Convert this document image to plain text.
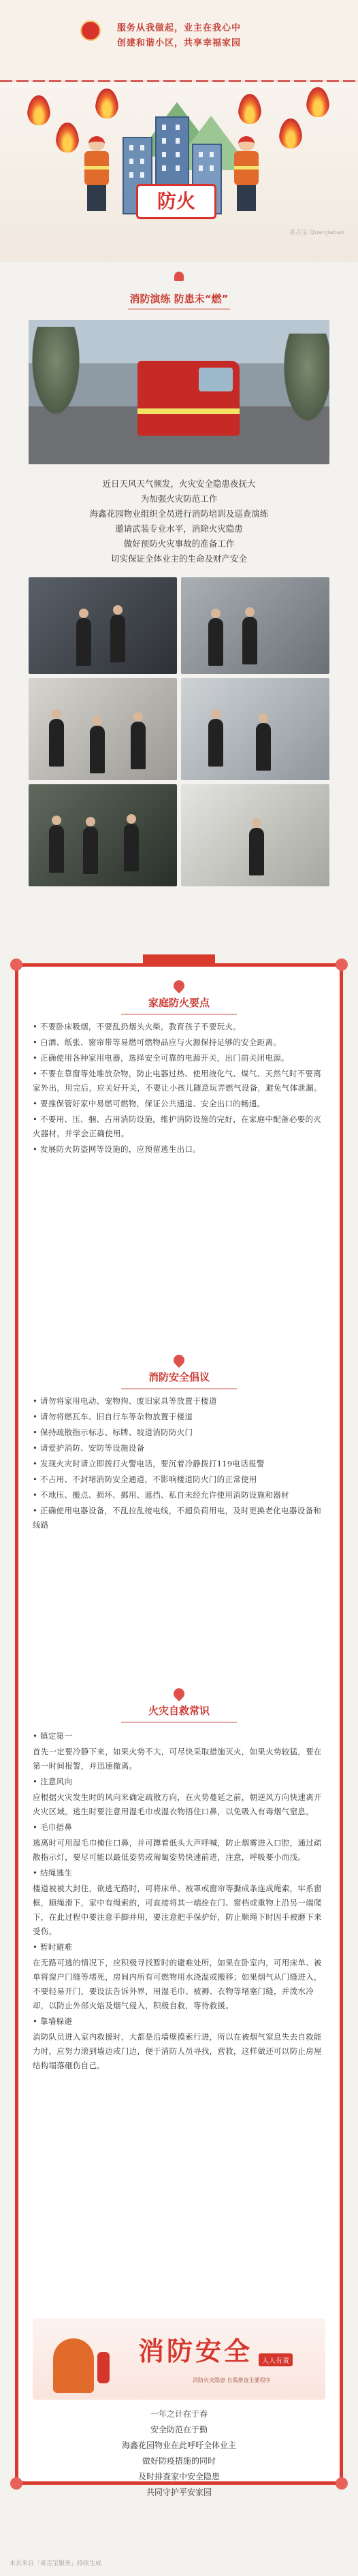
服务从我做起，业主在我心中
创建和谐小区，共享幸福家园
防火
喜吉宝 Quanjiabao
消防演练 防患未“燃”
近日天风天气频发，火灾安全隐患夜抚大
为加强火灾防范工作
海鑫花园物业组织全员进行消防培训及巡查演练
邀请武装专业水平，消除火灾隐患
做好预防火灾事故的准备工作
切实保证全体业主的生命及财产安全
家庭防火要点

• 不要卧床吸烟，不要乱扔烟头火柴，教育孩子不要玩火。

• 白酒、纸张、窗帘带等易燃可燃物品应与火源保持足够的安全距离。

• 正确使用各种家用电器，选择安全可靠的电源开关，出门前关闭电源。

• 不要在靠窗等处堆放杂物，防止电器过热、使用液化气、煤气、天然气时不要离家外出，用完后，应关好开关，不要让小孩儿随意玩弄燃气设备，避免气体泄漏。

• 要推保管好家中易燃可燃物，保证公共通道、安全出口的畅通。

• 不要用、压、捆、占用消防设施，维护消防设施的完好，在家庭中配备必要的灭火器材，并学会正确使用。

• 发展防火防盗网等设施的，应预留逃生出口。

消防安全倡议

• 请勿将家用电动、宠物狗、废旧家具等放置于楼道

• 请勿将燃瓦车、旧自行车等杂物放置于楼道

• 保持疏散指示标志、标牌、坡道消防防火门

• 请爱护消防、安防等设施设备

• 发现火灾时请立即拨打火警电话，要沉着冷静拨打119电话报警

• 不占用、不封堵消防安全通道，不影响楼道防火门的正常使用

• 不地压、搬点、损坏、挪用、遮挡、私自未经允许使用消防设施和器材

• 正确使用电器设备，不乱拉乱接电线，不超负荷用电，及时更换老化电器设备和线路

火灾自救常识

• 镇定第一

首先一定要冷静下来，如果火势不大，可尽快采取措施灭火，如果火势较猛，要在第一时间报警，并迅速撤离。

• 注意风向

应根据火灾发生时的风向来确定疏散方向，在火势蔓延之前，朝逆风方向快速离开火灾区域。逃生时要注意用湿毛巾或湿衣物捂住口鼻，以免吸入有毒烟气窒息。

• 毛巾捂鼻

逃离时可用湿毛巾掩住口鼻，并可蹲着低头大声呼喊，防止烟雾进入口腔，通过疏散指示灯，要尽可能以最低姿势或匍匐姿势快速前进，注意，呼吸要小而浅。

• 结绳逃生

楼道被被大封住，欲逃无路时，可将床单、被罩或窗帘等撕成条连成绳索，牢系窗框，顺绳滑下，家中有绳索的，可直接将其一端拴在门、窗档或重物上沿另一端爬下，在此过程中要注意手脚并用，要注意把手保护好，防止顺绳下时因手被磨下来受伤。

• 暂时避难

在无路可逃的情况下，应积极寻找暂时的避难处所，如果在卧室内，可用床单、被单将窗户门缝等堵死，房间内所有可燃物用水浇湿或搬移；如果烟气从门缝进入，不要轻易开门，要设法告诉外界，用湿毛巾、被褥、衣物等堵塞门缝，并泼水冷却，以防止外部火焰及烟气侵入，积极自救，等待救援。

• 靠墙躲避

消防队员进入室内救援时，大都是沿墙壁摸索行进，所以在被烟气窒息失去自救能力时，应努力滚到墙边或门边，便于消防人员寻找，营救，这样做还可以防止房屋结构塌落砸伤自己。

消防安全	人人有责
消防火灾隐患 自我排查主要程序
一年之计在于春
安全防范在于勤
海鑫花园物业在此呼吁全体业主
做好防疫措施的同时
及时排查家中安全隐患
共同守护平安家园
本页来自「喜吉宝服务」持续生成
